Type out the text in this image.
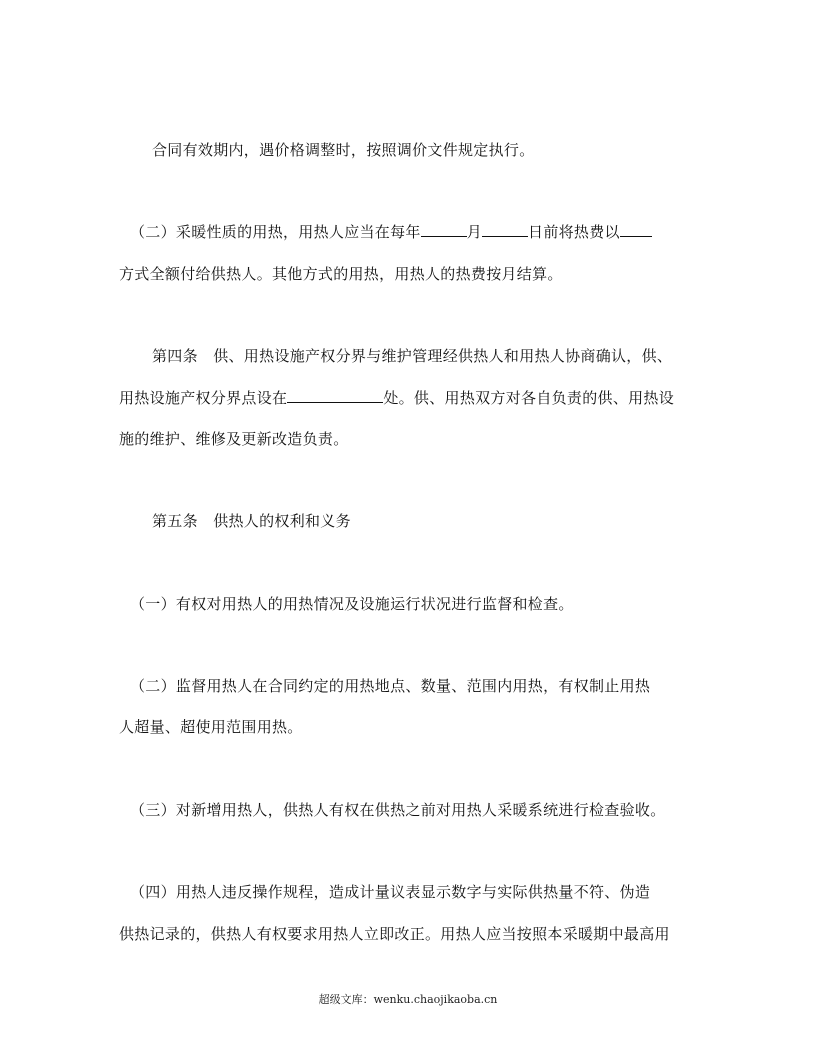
合同有效期内，遇价格调整时，按照调价文件规定执行。
（二）采暖性质的用热，用热人应当在每年	月	日前将热费以
方式全额付给供热人。其他方式的用热，用热人的热费按月结算。
第四条　供、用热设施产权分界与维护管理经供热人和用热人协商确认，供、
用热设施产权分界点设在	处。供、用热双方对各自负责的供、用热设
施的维护、维修及更新改造负责。
第五条　供热人的权利和义务
（一）有权对用热人的用热情况及设施运行状况进行监督和检查。
（二）监督用热人在合同约定的用热地点、数量、范围内用热，有权制止用热
人超量、超使用范围用热。
（三）对新增用热人，供热人有权在供热之前对用热人采暖系统进行检查验收。
（四）用热人违反操作规程，造成计量议表显示数字与实际供热量不符、伪造
供热记录的，供热人有权要求用热人立即改正。用热人应当按照本采暖期中最高用
超级文库：wenku.chaojikaoba.cn
